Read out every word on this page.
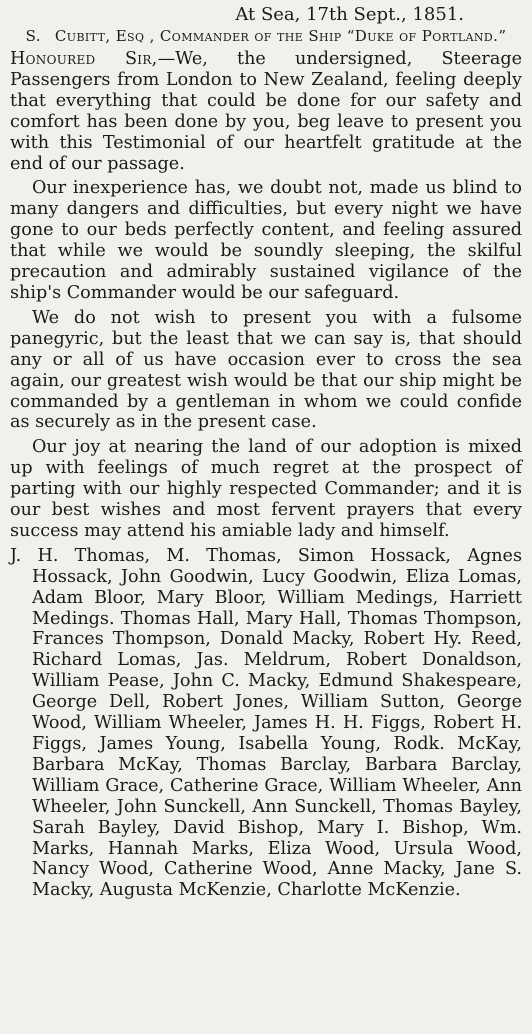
At Sea, 17th Sept., 1851.

S. Cubitt, Esq , Commander of the Ship “Duke of Portland.”

Honoured Sir,—We, the undersigned, Steerage Passengers from London to New Zealand, feeling deeply that everything that could be done for our safety and comfort has been done by you, beg leave to present you with this Testimonial of our heartfelt gratitude at the end of our passage.

Our inexperience has, we doubt not, made us blind to many dangers and difficulties, but every night we have gone to our beds perfectly content, and feeling assured that while we would be soundly sleeping, the skilful precaution and admirably sustained vigilance of the ship's Commander would be our safeguard.

We do not wish to present you with a fulsome panegyric, but the least that we can say is, that should any or all of us have occasion ever to cross the sea again, our greatest wish would be that our ship might be commanded by a gentleman in whom we could confide as securely as in the present case.

Our joy at nearing the land of our adoption is mixed up with feelings of much regret at the prospect of parting with our highly respected Commander; and it is our best wishes and most fervent prayers that every success may attend his amiable lady and himself.

J. H. Thomas, M. Thomas, Simon Hossack, Agnes Hossack, John Goodwin, Lucy Goodwin, Eliza Lomas, Adam Bloor, Mary Bloor, William Medings, Harriett Medings. Thomas Hall, Mary Hall, Thomas Thompson, Frances Thompson, Donald Macky, Robert Hy. Reed, Richard Lomas, Jas. Meldrum, Robert Donaldson, William Pease, John C. Macky, Edmund Shakespeare, George Dell, Robert Jones, William Sutton, George Wood, William Wheeler, James H. H. Figgs, Robert H. Figgs, James Young, Isabella Young, Rodk. McKay, Barbara McKay, Thomas Barclay, Barbara Barclay, William Grace, Catherine Grace, William Wheeler, Ann Wheeler, John Sunckell, Ann Sunckell, Thomas Bayley, Sarah Bayley, David Bishop, Mary I. Bishop, Wm. Marks, Hannah Marks, Eliza Wood, Ursula Wood, Nancy Wood, Catherine Wood, Anne Macky, Jane S. Macky, Augusta McKenzie, Charlotte McKenzie.
